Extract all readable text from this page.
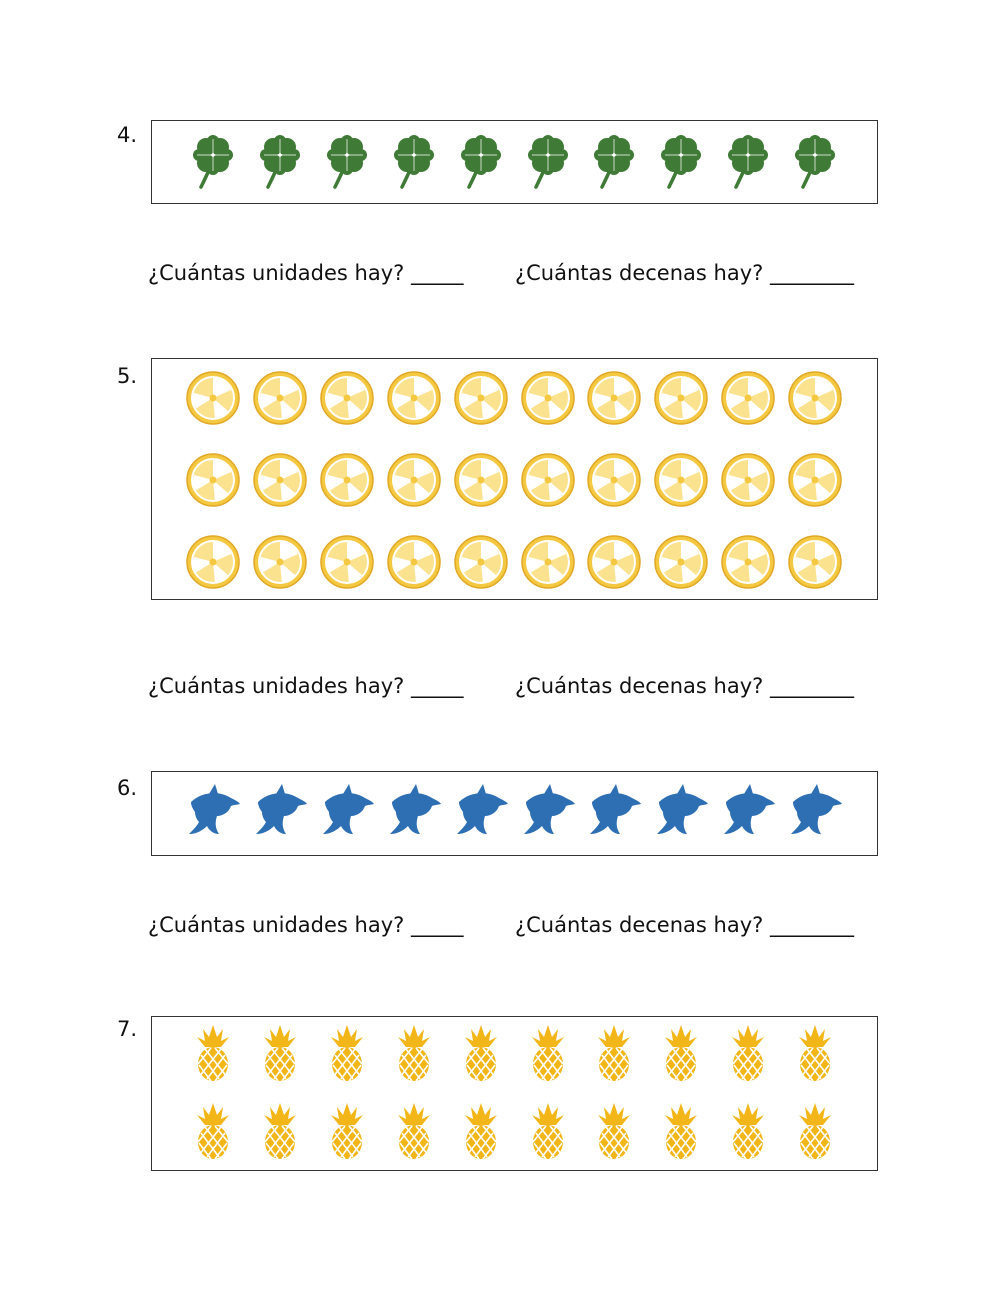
4.
¿Cuántas unidades hay? _____ ¿Cuántas decenas hay? ________
5.
¿Cuántas unidades hay? _____ ¿Cuántas decenas hay? ________
6.
¿Cuántas unidades hay? _____ ¿Cuántas decenas hay? ________
7.
